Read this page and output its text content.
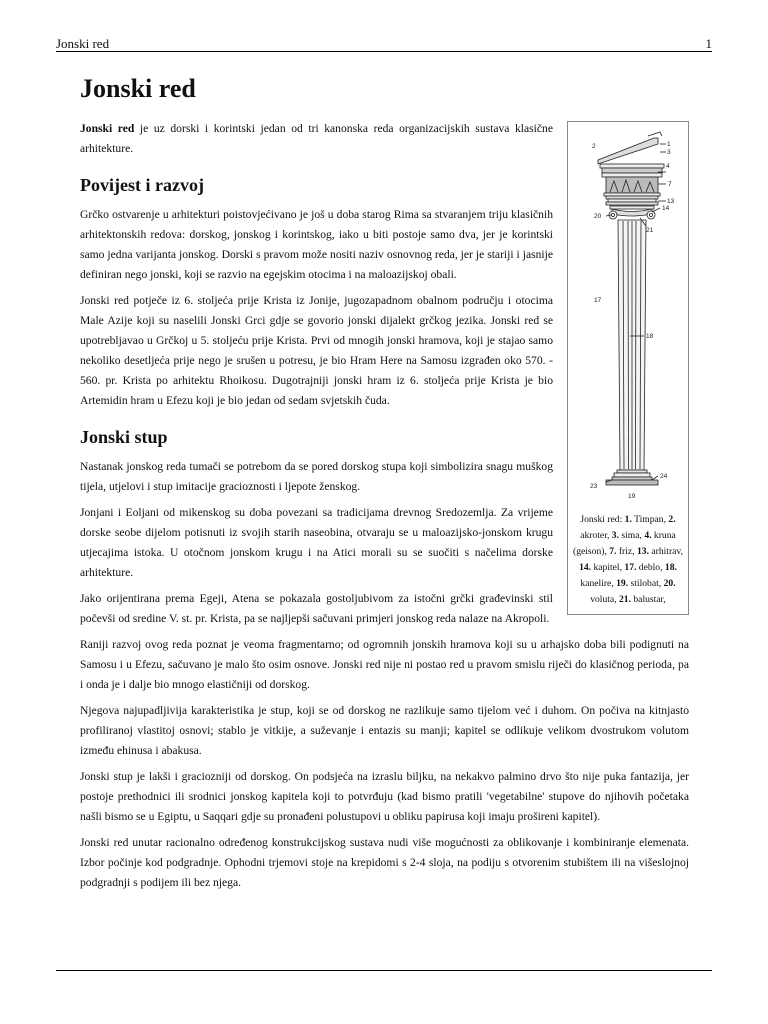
Jonski red	1
Jonski red
2	1
3
4
7
13
14
20
21
17
18
23
24
19
Jonski red: 1. Timpan, 2. akroter, 3. sima, 4. kruna (geison), 7. friz, 13. arhitrav, 14. kapitel, 17. deblo, 18. kanelire, 19. stilobat, 20. voluta, 21. balustar,

Jonski red je uz dorski i korintski jedan od tri kanonska reda organizacijskih sustava klasične arhitekture.

Povijest i razvoj

Grčko ostvarenje u arhitekturi poistovjećivano je još u doba starog Rima sa stvaranjem triju klasičnih arhitektonskih redova: dorskog, jonskog i korintskog, iako u biti postoje samo dva, jer je korintski samo jedna varijanta jonskog. Dorski s pravom može nositi naziv osnovnog reda, jer je stariji i jasnije definiran nego jonski, koji se razvio na egejskim otocima i na maloazijskoj obali.

Jonski red potječe iz 6. stoljeća prije Krista iz Jonije, jugozapadnom obalnom području i otocima Male Azije koji su naselili Jonski Grci gdje se govorio jonski dijalekt grčkog jezika. Jonski red se upotrebljavao u Grčkoj u 5. stoljeću prije Krista. Prvi od mnogih jonski hramova, koji je stajao samo nekoliko desetljeća prije nego je srušen u potresu, je bio Hram Here na Samosu izgrađen oko 570. - 560. pr. Krista po arhitektu Rhoikosu. Dugotrajniji jonski hram iz 6. stoljeća prije Krista je bio Artemidin hram u Efezu koji je bio jedan od sedam svjetskih čuda.

Jonski stup

Nastanak jonskog reda tumači se potrebom da se pored dorskog stupa koji simbolizira snagu muškog tijela, utjelovi i stup imitacije gracioznosti i ljepote ženskog.

Jonjani i Eoljani od mikenskog su doba povezani sa tradicijama drevnog Sredozemlja. Za vrijeme dorske seobe dijelom potisnuti iz svojih starih naseobina, otvaraju se u maloazijsko-jonskom krugu utjecajima istoka. U otočnom jonskom krugu i na Atici morali su se suočiti s načelima dorske arhitekture.

Jako orijentirana prema Egeji, Atena se pokazala gostoljubivom za istočni grčki građevinski stil počevši od sredine V. st. pr. Krista, pa se najljepši sačuvani primjeri jonskog reda nalaze na Akropoli.

Raniji razvoj ovog reda poznat je veoma fragmentarno; od ogromnih jonskih hramova koji su u arhajsko doba bili podignuti na Samosu i u Efezu, sačuvano je malo što osim osnove. Jonski red nije ni postao red u pravom smislu riječi do klasičnog perioda, pa i onda je i dalje bio mnogo elastičniji od dorskog.

Njegova najupadljivija karakteristika je stup, koji se od dorskog ne razlikuje samo tijelom već i duhom. On počiva na kitnjasto profiliranoj vlastitoj osnovi; stablo je vitkije, a suževanje i entazis su manji; kapitel se odlikuje velikom dvostrukom volutom između ehinusa i abakusa.

Jonski stup je lakši i graciozniji od dorskog. On podsjeća na izraslu biljku, na nekakvo palmino drvo što nije puka fantazija, jer postoje prethodnici ili srodnici jonskog kapitela koji to potvrđuju (kad bismo pratili 'vegetabilne' stupove do njihovih početaka našli bismo se u Egiptu, u Saqqari gdje su pronađeni polustupovi u obliku papirusa koji imaju prošireni kapitel).

Jonski red unutar racionalno određenog konstrukcijskog sustava nudi više mogućnosti za oblikovanje i kombiniranje elemenata. Izbor počinje kod podgradnje. Ophodni trjemovi stoje na krepidomi s 2-4 sloja, na podiju s otvorenim stubištem ili na višeslojnoj podgradnji s podijem ili bez njega.
